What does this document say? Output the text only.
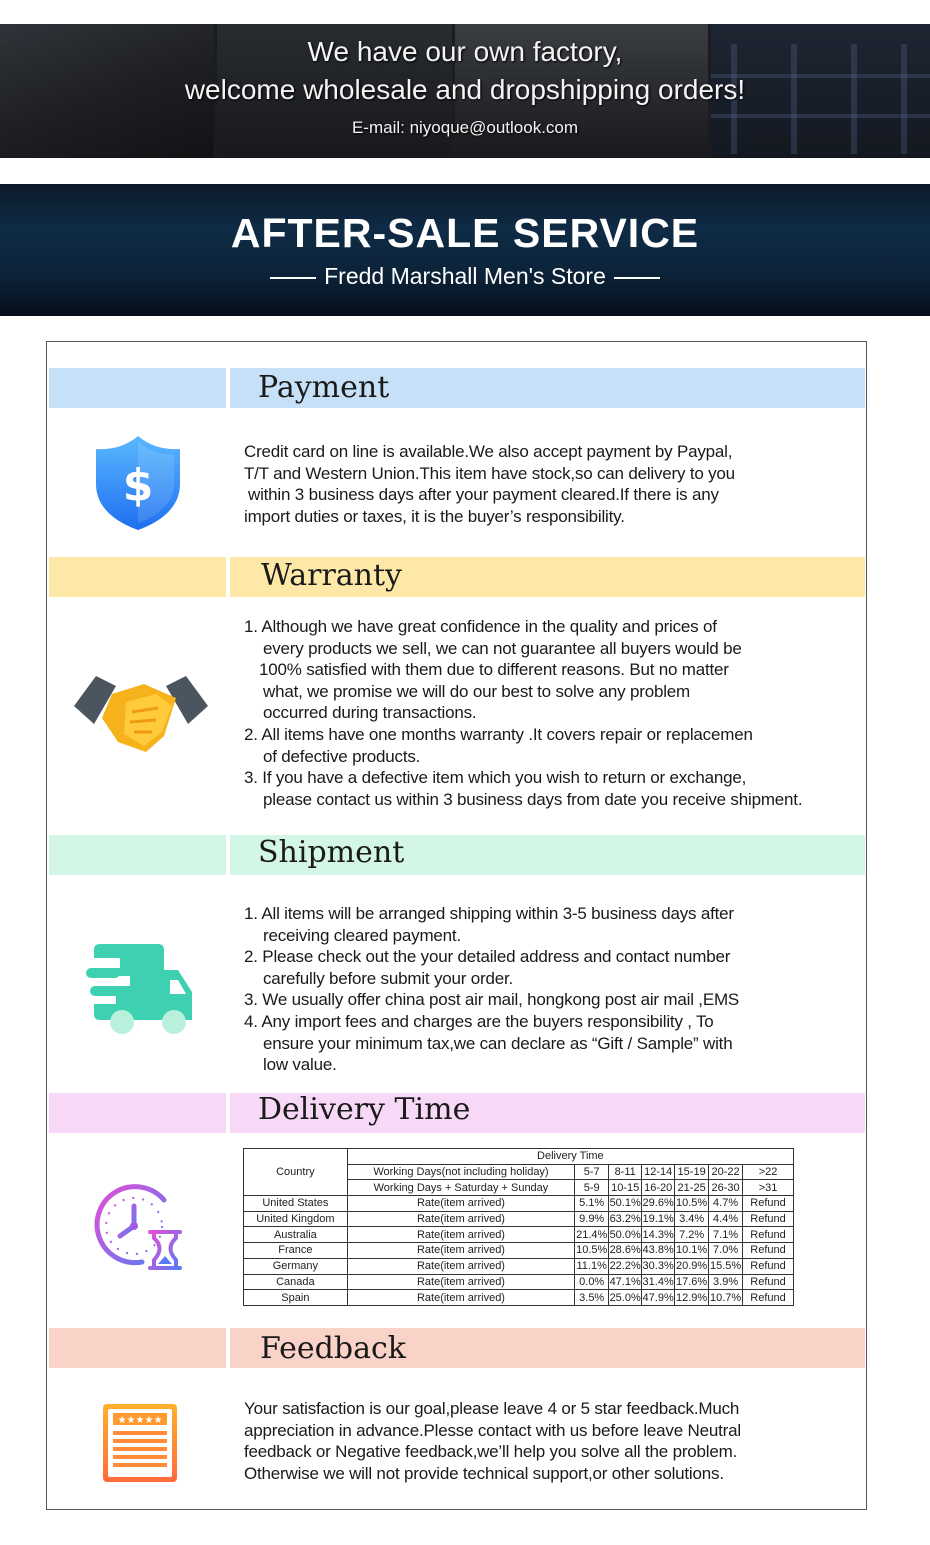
We have our own factory,
welcome wholesale and dropshipping orders!
E-mail: niyoque@outlook.com
AFTER-SALE SERVICE
Fredd Marshall Men's Store
Payment
$
Credit card on line is available.We also accept payment by Paypal,
T/T and Western Union.This item have stock,so can delivery to you
within 3 business days after your payment cleared.If there is any
import duties or taxes, it is the buyer’s responsibility.
Warranty
1. Although we have great confidence in the quality and prices of
every products we sell, we can not guarantee all buyers would be
100% satisfied with them due to different reasons. But no matter
what, we promise we will do our best to solve any problem
occurred during transactions.
2. All items have one months warranty .It covers repair or replacemen
of defective products.
3. If you have a defective item which you wish to return or exchange,
please contact us within 3 business days from date you receive shipment.
Shipment
1. All items will be arranged shipping within 3-5 business days after
receiving cleared payment.
2. Please check out the your detailed address and contact number
carefully before submit your order.
3. We usually offer china post air mail, hongkong post air mail ,EMS
4. Any import fees and charges are the buyers responsibility , To
ensure your minimum tax,we can declare as “Gift / Sample” with
low value.
Delivery Time
Country	Delivery Time						
	Working Days(not including holiday)	5-7	8-11	12-14	15-19	20-22	>22
	Working Days + Saturday + Sunday	5-9	10-15	16-20	21-25	26-30	>31
United States	Rate(item arrived)	5.1%	50.1%	29.6%	10.5%	4.7%	Refund
United Kingdom	Rate(item arrived)	9.9%	63.2%	19.1%	3.4%	4.4%	Refund
Australia	Rate(item arrived)	21.4%	50.0%	14.3%	7.2%	7.1%	Refund
France	Rate(item arrived)	10.5%	28.6%	43.8%	10.1%	7.0%	Refund
Germany	Rate(item arrived)	11.1%	22.2%	30.3%	20.9%	15.5%	Refund
Canada	Rate(item arrived)	0.0%	47.1%	31.4%	17.6%	3.9%	Refund
Spain	Rate(item arrived)	3.5%	25.0%	47.9%	12.9%	10.7%	Refund
Feedback
★★★★★
Your satisfaction is our goal,please leave 4 or 5 star feedback.Much
appreciation in advance.Plesse contact with us before leave Neutral
feedback or Negative feedback,we’ll help you solve all the problem.
Otherwise we will not provide technical support,or other solutions.
